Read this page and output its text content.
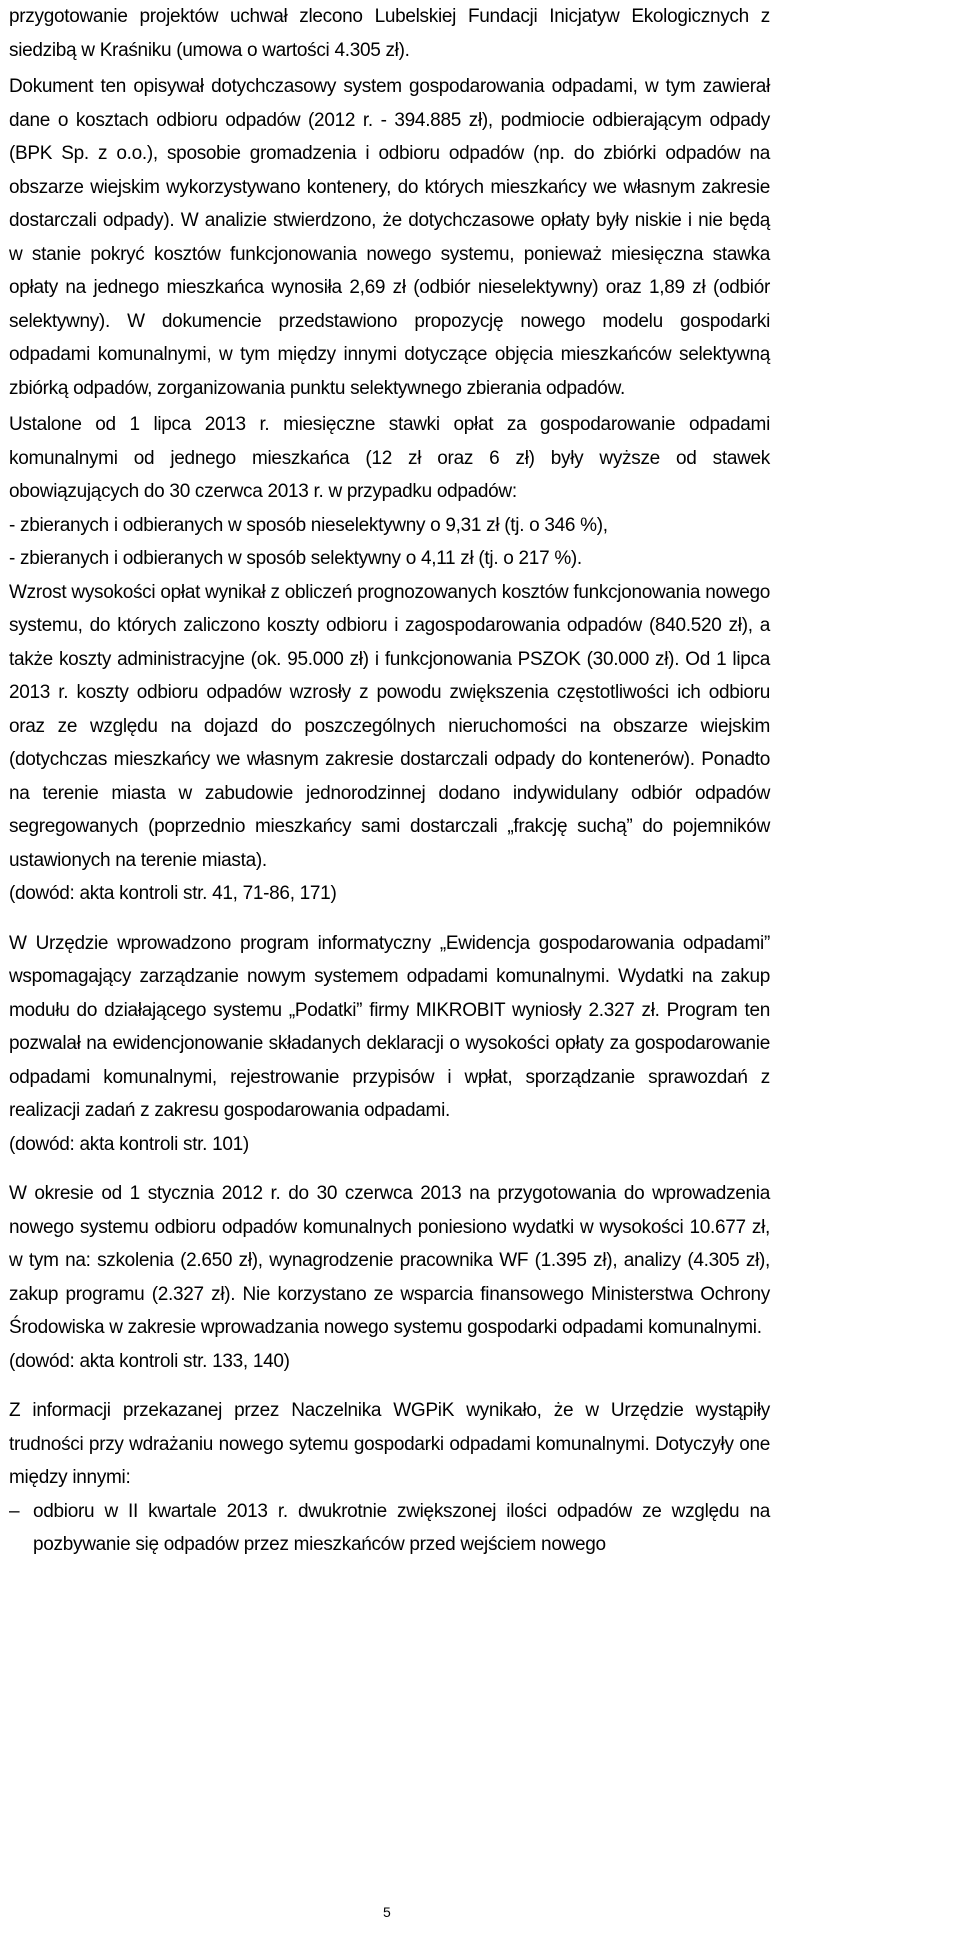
przygotowanie projektów uchwał zlecono Lubelskiej Fundacji Inicjatyw Ekologicznych z siedzibą w Kraśniku (umowa o wartości 4.305 zł).

Dokument ten opisywał dotychczasowy system gospodarowania odpadami, w tym zawierał dane o kosztach odbioru odpadów (2012 r. - 394.885 zł), podmiocie odbierającym odpady (BPK Sp. z o.o.), sposobie gromadzenia i odbioru odpadów (np. do zbiórki odpadów na obszarze wiejskim wykorzystywano kontenery, do których mieszkańcy we własnym zakresie dostarczali odpady). W analizie stwierdzono, że dotychczasowe opłaty były niskie i nie będą w stanie pokryć kosztów funkcjonowania nowego systemu, ponieważ miesięczna stawka opłaty na jednego mieszkańca wynosiła 2,69 zł (odbiór nieselektywny) oraz 1,89 zł (odbiór selektywny). W dokumencie przedstawiono propozycję nowego modelu gospodarki odpadami komunalnymi, w tym między innymi dotyczące objęcia mieszkańców selektywną zbiórką odpadów, zorganizowania punktu selektywnego zbierania odpadów.

Ustalone od 1 lipca 2013 r. miesięczne stawki opłat za gospodarowanie odpadami komunalnymi od jednego mieszkańca (12 zł oraz 6 zł) były wyższe od stawek obowiązujących do 30 czerwca 2013 r. w przypadku odpadów:

- zbieranych i odbieranych w sposób nieselektywny o 9,31 zł (tj. o 346 %),
- zbieranych i odbieranych w sposób selektywny o 4,11 zł (tj. o 217 %).

Wzrost wysokości opłat wynikał z obliczeń prognozowanych kosztów funkcjonowania nowego systemu, do których zaliczono koszty odbioru i zagospodarowania odpadów (840.520 zł), a także koszty administracyjne (ok. 95.000 zł) i funkcjonowania PSZOK (30.000 zł). Od 1 lipca 2013 r. koszty odbioru odpadów wzrosły z powodu zwiększenia częstotliwości ich odbioru oraz ze względu na dojazd do poszczególnych nieruchomości na obszarze wiejskim (dotychczas mieszkańcy we własnym zakresie dostarczali odpady do kontenerów). Ponadto na terenie miasta w zabudowie jednorodzinnej dodano indywidulany odbiór odpadów segregowanych (poprzednio mieszkańcy sami dostarczali „frakcję suchą” do pojemników ustawionych na terenie miasta).

(dowód: akta kontroli str. 41, 71-86, 171)

W Urzędzie wprowadzono program informatyczny „Ewidencja gospodarowania odpadami” wspomagający zarządzanie nowym systemem odpadami komunalnymi. Wydatki na zakup modułu do działającego systemu „Podatki” firmy MIKROBIT wyniosły 2.327 zł. Program ten pozwalał na ewidencjonowanie składanych deklaracji o wysokości opłaty za gospodarowanie odpadami komunalnymi, rejestrowanie przypisów i wpłat, sporządzanie sprawozdań z realizacji zadań z zakresu gospodarowania odpadami.

(dowód: akta kontroli str. 101)

W okresie od 1 stycznia 2012 r. do 30 czerwca 2013 na przygotowania do wprowadzenia nowego systemu odbioru odpadów komunalnych poniesiono wydatki w wysokości 10.677 zł, w tym na: szkolenia (2.650 zł), wynagrodzenie pracownika WF (1.395 zł), analizy (4.305 zł), zakup programu (2.327 zł). Nie korzystano ze wsparcia finansowego Ministerstwa Ochrony Środowiska w zakresie wprowadzania nowego systemu gospodarki odpadami komunalnymi.

(dowód: akta kontroli str. 133, 140)

Z informacji przekazanej przez Naczelnika WGPiK wynikało, że w Urzędzie wystąpiły trudności przy wdrażaniu nowego sytemu gospodarki odpadami komunalnymi. Dotyczyły one między innymi:

– odbioru w II kwartale 2013 r. dwukrotnie zwiększonej ilości odpadów ze względu na pozbywanie się odpadów przez mieszkańców przed wejściem nowego
5
